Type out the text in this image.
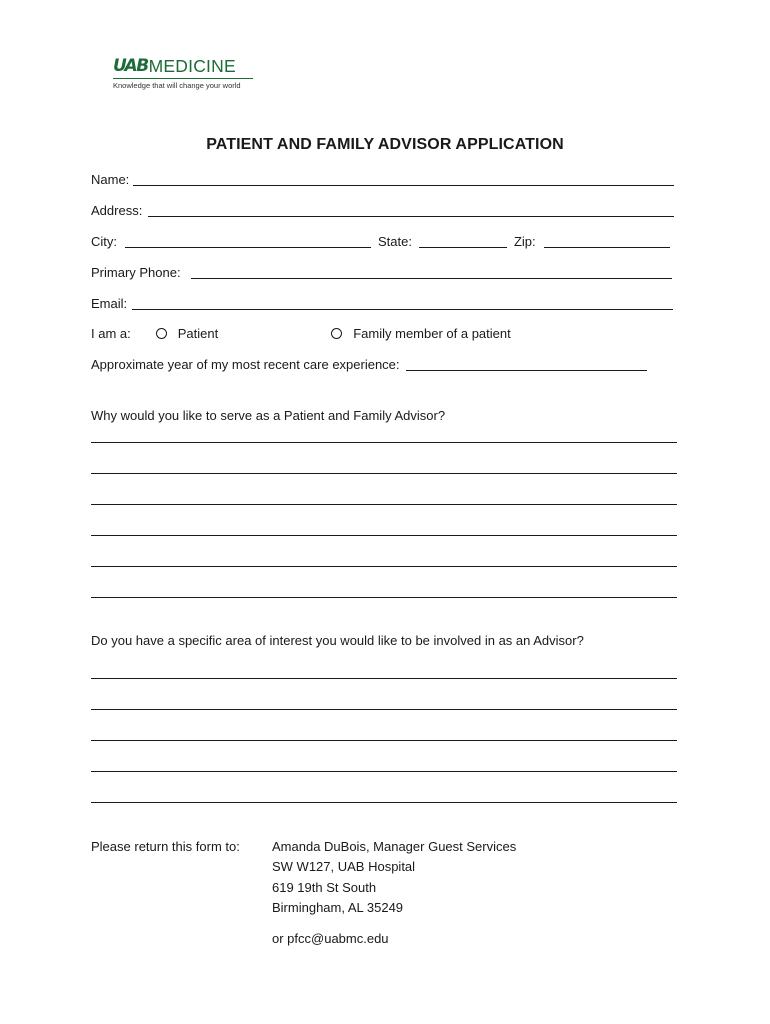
UAB MEDICINE
Knowledge that will change your world
PATIENT AND FAMILY ADVISOR APPLICATION
Name:
Address:
City:	State:	Zip:
Primary Phone:
Email:
I am a:	Patient	Family member of a patient
Approximate year of my most recent care experience:
Why would you like to serve as a Patient and Family Advisor?
Do you have a specific area of interest you would like to be involved in as an Advisor?
Please return this form to: Amanda DuBois, Manager Guest Services
SW W127, UAB Hospital
619 19th St South
Birmingham, AL 35249
or pfcc@uabmc.edu
